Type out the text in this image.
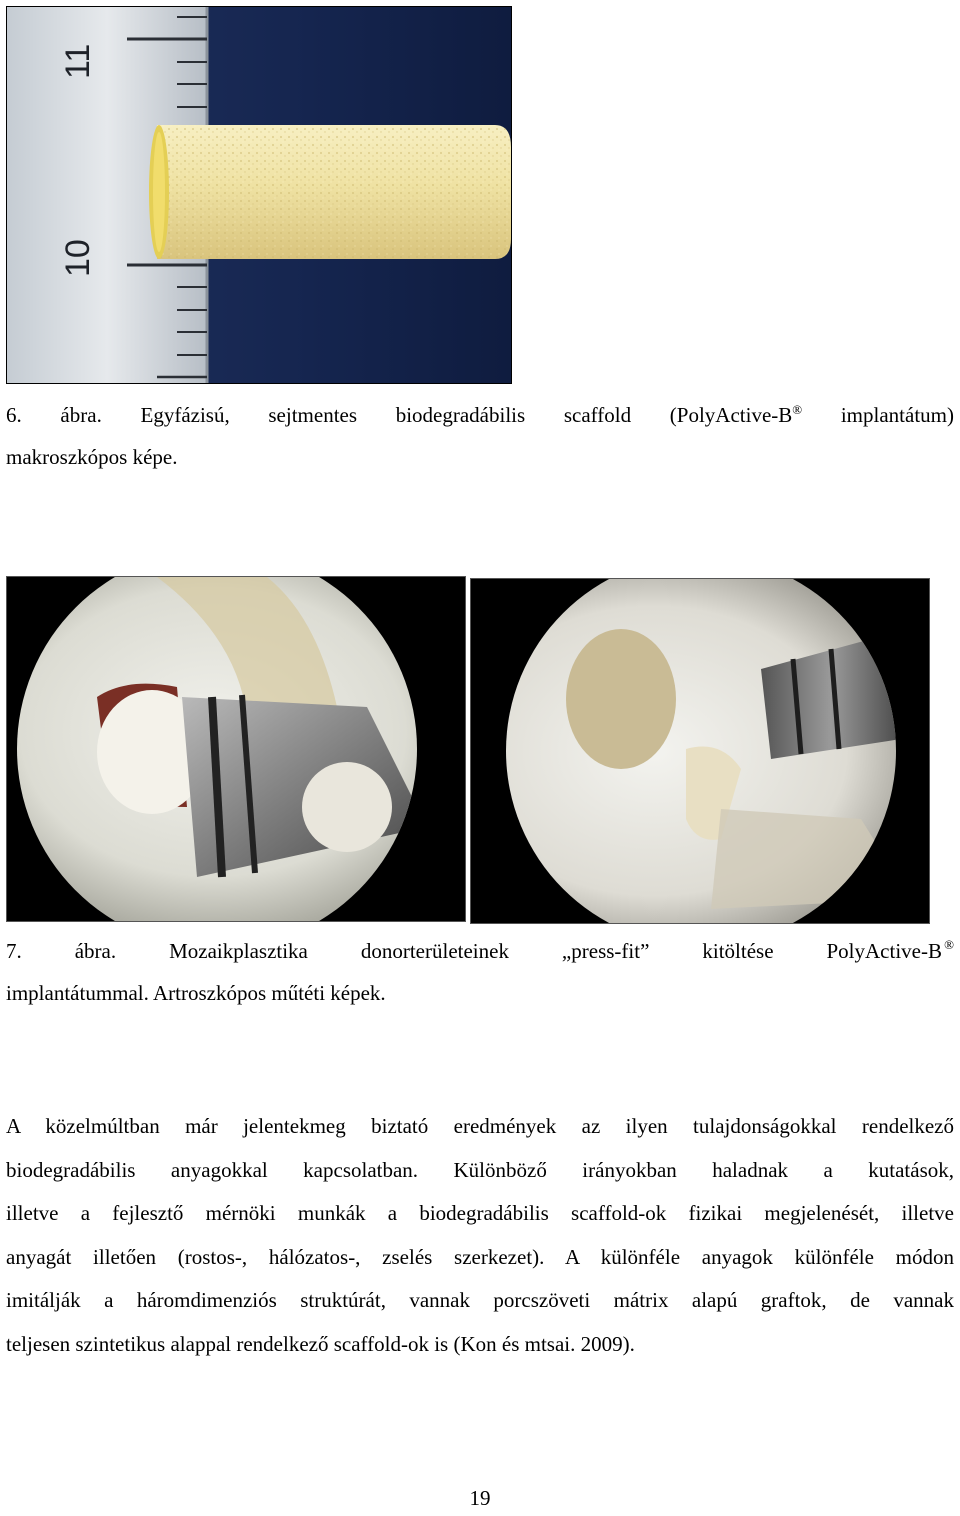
11
10
6. ábra. Egyfázisú, sejtmentes biodegradábilis scaffold (PolyActive-B® implantátum)
makroszkópos képe.
7. ábra. Mozaikplasztika donorterületeinek „press-fit” kitöltése PolyActive-B ®
implantátummal. Artroszkópos műtéti képek.
A közelmúltban már jelentekmeg biztató eredmények az ilyen tulajdonságokkal rendelkező
biodegradábilis anyagokkal kapcsolatban. Különböző irányokban haladnak a kutatások,
illetve a fejlesztő mérnöki munkák a biodegradábilis scaffold-ok fizikai megjelenését, illetve
anyagát illetően (rostos-, hálózatos-, zselés szerkezet). A különféle anyagok különféle módon
imitálják a háromdimenziós struktúrát, vannak porcszöveti mátrix alapú graftok, de vannak
teljesen szintetikus alappal rendelkező scaffold-ok is (Kon és mtsai. 2009).
19
